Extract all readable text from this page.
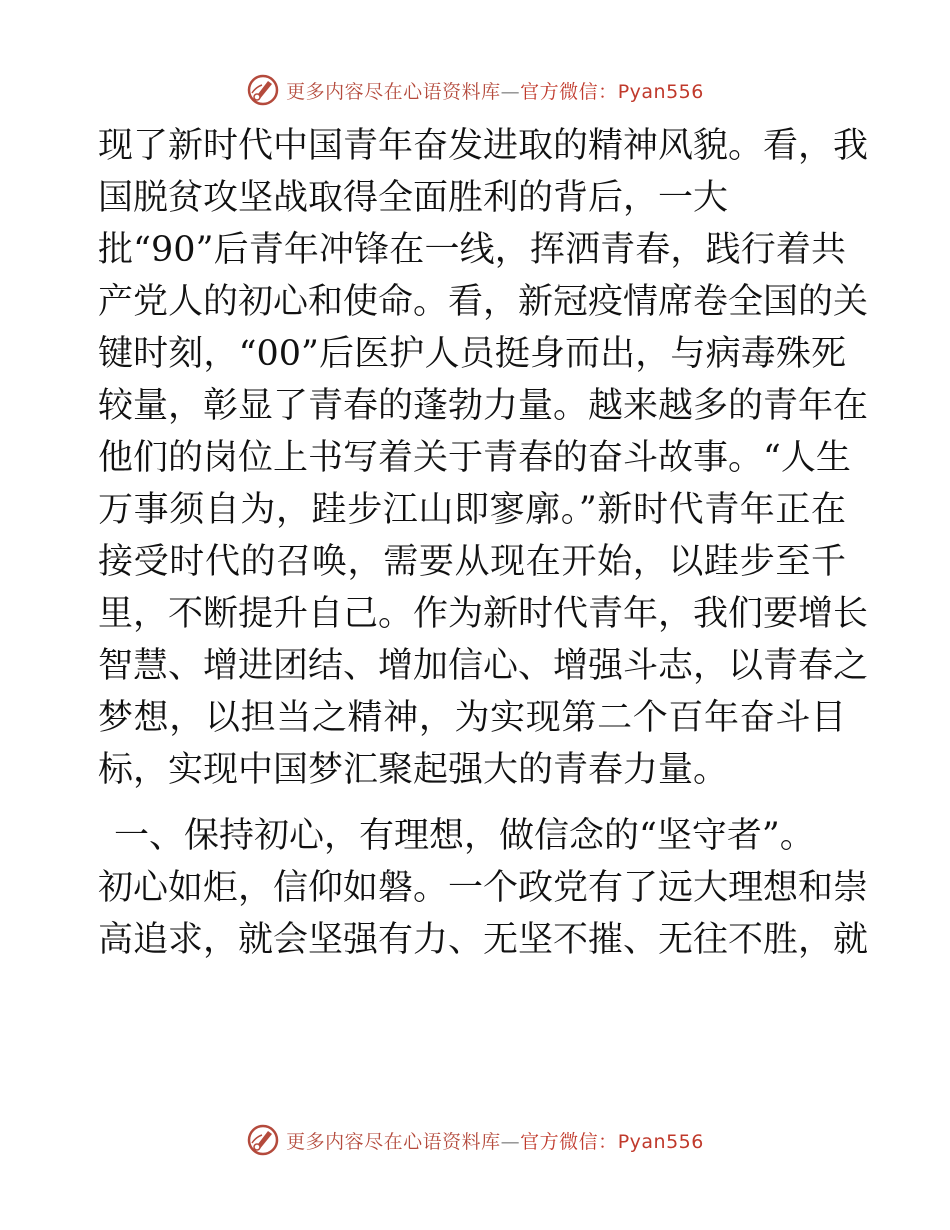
更多内容尽在心语资料库—官方微信：Pyan556

现了新时代中国青年奋发进取的精神风貌。看，我

国脱贫攻坚战取得全面胜利的背后，一大

批“90”后青年冲锋在一线，挥洒青春，践行着共

产党人的初心和使命。看，新冠疫情席卷全国的关

键时刻，“00”后医护人员挺身而出，与病毒殊死

较量，彰显了青春的蓬勃力量。越来越多的青年在

他们的岗位上书写着关于青春的奋斗故事。“人生

万事须自为，跬步江山即寥廓。”新时代青年正在

接受时代的召唤，需要从现在开始，以跬步至千

里，不断提升自己。作为新时代青年，我们要增长

智慧、增进团结、增加信心、增强斗志，以青春之

梦想，以担当之精神，为实现第二个百年奋斗目

标，实现中国梦汇聚起强大的青春力量。

一、保持初心，有理想，做信念的“坚守者”。

初心如炬，信仰如磐。一个政党有了远大理想和崇

高追求，就会坚强有力、无坚不摧、无往不胜，就

更多内容尽在心语资料库—官方微信：Pyan556
